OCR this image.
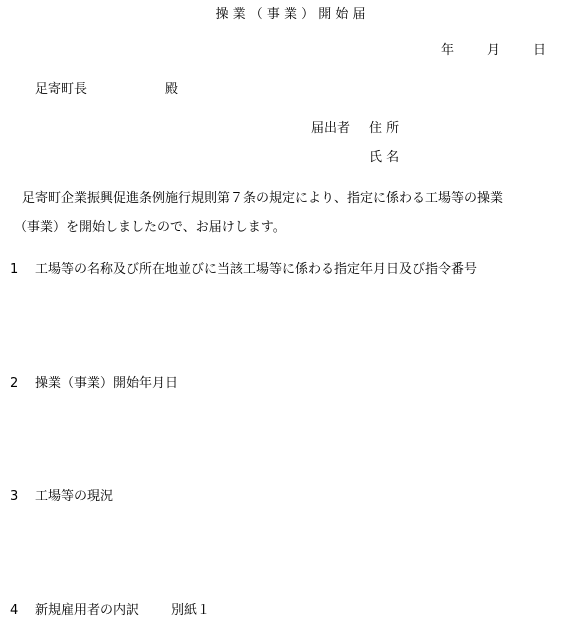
操 業 （ 事 業 ） 開 始 届
年	月	日
足寄町長	殿
届出者 住 所
氏 名
足寄町企業振興促進条例施行規則第７条の規定により、指定に係わる工場等の操業
（事業）を開始しましたので、お届けします。
1 工場等の名称及び所在地並びに当該工場等に係わる指定年月日及び指令番号
2 操業（事業）開始年月日
3 工場等の現況
4 新規雇用者の内訳 別紙１
